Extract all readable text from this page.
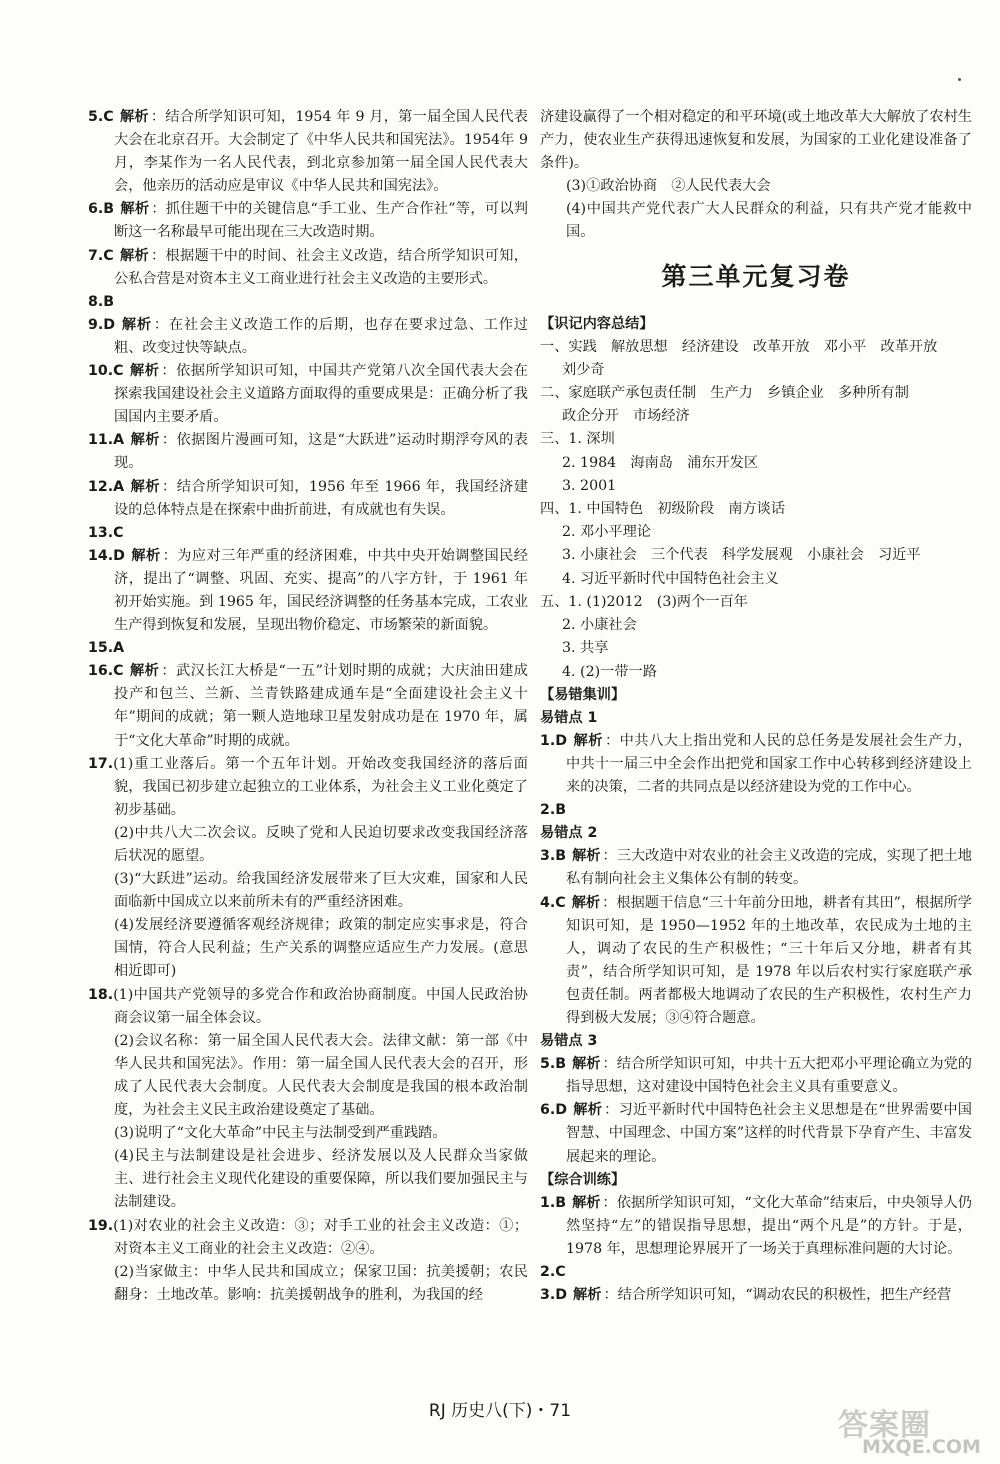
5.C 解析 ：结合所学知识可知，1954 年 9 月，第一届全国人民代表大会在北京召开。大会制定了《中华人民共和国宪法》。1954年 9 月，李某作为一名人民代表，到北京参加第一届全国人民代表大会，他亲历的活动应是审议《中华人民共和国宪法》。

6.B 解析 ：抓住题干中的关键信息“手工业、生产合作社”等，可以判断这一名称最早可能出现在三大改造时期。

7.C 解析 ：根据题干中的时间、社会主义改造，结合所学知识可知，公私合营是对资本主义工商业进行社会主义改造的主要形式。

8.B

9.D 解析 ：在社会主义改造工作的后期，也存在要求过急、工作过粗、改变过快等缺点。

10.C 解析 ：依据所学知识可知，中国共产党第八次全国代表大会在探索我国建设社会主义道路方面取得的重要成果是：正确分析了我国国内主要矛盾。

11.A 解析 ：依据图片漫画可知，这是“大跃进”运动时期浮夸风的表现。

12.A 解析 ：结合所学知识可知，1956 年至 1966 年，我国经济建设的总体特点是在探索中曲折前进，有成就也有失误。

13.C

14.D 解析 ：为应对三年严重的经济困难，中共中央开始调整国民经济，提出了“调整、巩固、充实、提高”的八字方针，于 1961 年初开始实施。到 1965 年，国民经济调整的任务基本完成，工农业生产得到恢复和发展，呈现出物价稳定、市场繁荣的新面貌。

15.A

16.C 解析 ：武汉长江大桥是“一五”计划时期的成就；大庆油田建成投产和包兰、兰新、兰青铁路建成通车是“全面建设社会主义十年”期间的成就；第一颗人造地球卫星发射成功是在 1970 年，属于“文化大革命”时期的成就。

17.(1)重工业落后。第一个五年计划。开始改变我国经济的落后面貌，我国已初步建立起独立的工业体系，为社会主义工业化奠定了初步基础。

(2)中共八大二次会议。反映了党和人民迫切要求改变我国经济落后状况的愿望。

(3)“大跃进”运动。给我国经济发展带来了巨大灾难，国家和人民面临新中国成立以来前所未有的严重经济困难。

(4)发展经济要遵循客观经济规律；政策的制定应实事求是，符合国情，符合人民利益；生产关系的调整应适应生产力发展。(意思相近即可)

18.(1)中国共产党领导的多党合作和政治协商制度。中国人民政治协商会议第一届全体会议。

(2)会议名称：第一届全国人民代表大会。法律文献：第一部《中华人民共和国宪法》。作用：第一届全国人民代表大会的召开，形成了人民代表大会制度。人民代表大会制度是我国的根本政治制度，为社会主义民主政治建设奠定了基础。

(3)说明了“文化大革命”中民主与法制受到严重践踏。

(4)民主与法制建设是社会进步、经济发展以及人民群众当家做主、进行社会主义现代化建设的重要保障，所以我们要加强民主与法制建设。

19.(1)对农业的社会主义改造：③；对手工业的社会主义改造：①；对资本主义工商业的社会主义改造：②④。

(2)当家做主：中华人民共和国成立；保家卫国：抗美援朝；农民翻身：土地改革。影响：抗美援朝战争的胜利，为我国的经

济建设赢得了一个相对稳定的和平环境(或土地改革大大解放了农村生产力，使农业生产获得迅速恢复和发展，为国家的工业化建设准备了条件)。

(3)①政治协商　②人民代表大会

(4)中国共产党代表广大人民群众的利益，只有共产党才能救中国。

第三单元复习卷

【识记内容总结】

一、实践　解放思想　经济建设　改革开放　邓小平　改革开放

刘少奇

二、家庭联产承包责任制　生产力　乡镇企业　多种所有制

政企分开　市场经济

三、1. 深圳

2. 1984　海南岛　浦东开发区

3. 2001

四、1. 中国特色　初级阶段　南方谈话

2. 邓小平理论

3. 小康社会　三个代表　科学发展观　小康社会　习近平

4. 习近平新时代中国特色社会主义

五、1. (1)2012　(3)两个一百年

2. 小康社会

3. 共享

4. (2)一带一路

【易错集训】

易错点 1

1.D 解析 ：中共八大上指出党和人民的总任务是发展社会生产力，中共十一届三中全会作出把党和国家工作中心转移到经济建设上来的决策，二者的共同点是以经济建设为党的工作中心。

2.B

易错点 2

3.B 解析 ：三大改造中对农业的社会主义改造的完成，实现了把土地私有制向社会主义集体公有制的转变。

4.C 解析 ：根据题干信息“三十年前分田地，耕者有其田”，根据所学知识可知，是 1950—1952 年的土地改革，农民成为土地的主人，调动了农民的生产积极性；“三十年后又分地，耕者有其责”，结合所学知识可知，是 1978 年以后农村实行家庭联产承包责任制。两者都极大地调动了农民的生产积极性，农村生产力得到极大发展；③④符合题意。

易错点 3

5.B 解析 ：结合所学知识可知，中共十五大把邓小平理论确立为党的指导思想，这对建设中国特色社会主义具有重要意义。

6.D 解析 ：习近平新时代中国特色社会主义思想是在“世界需要中国智慧、中国理念、中国方案”这样的时代背景下孕育产生、丰富发展起来的理论。

【综合训练】

1.B 解析 ：依据所学知识可知，“文化大革命”结束后，中央领导人仍然坚持“左”的错误指导思想，提出“两个凡是”的方针。于是，1978 年，思想理论界展开了一场关于真理标准问题的大讨论。

2.C

3.D 解析 ：结合所学知识可知，“调动农民的积极性，把生产经营

RJ 历史八(下)・71	答案圈
MXQE.COM
